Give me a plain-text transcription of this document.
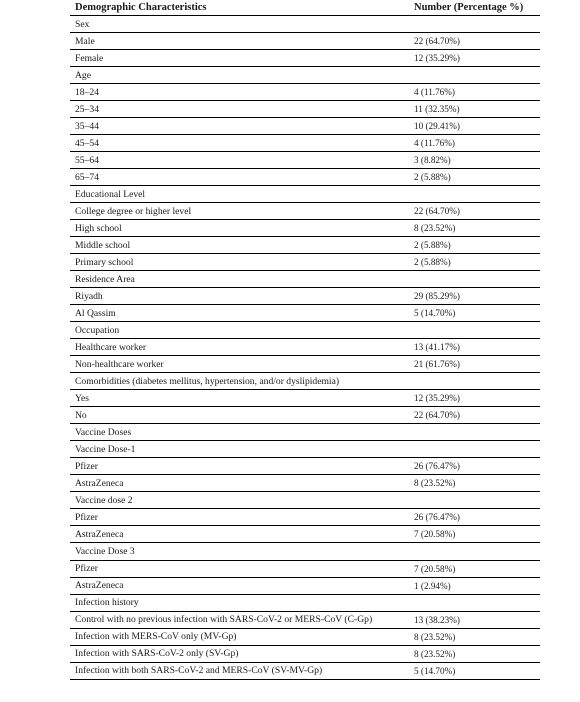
Demographic Characteristics	Number (Percentage %)
Sex
Male	22 (64.70%)
Female	12 (35.29%)
Age
18–24	4 (11.76%)
25–34	11 (32.35%)
35–44	10 (29.41%)
45–54	4 (11.76%)
55–64	3 (8.82%)
65–74	2 (5.88%)
Educational Level
College degree or higher level	22 (64.70%)
High school	8 (23.52%)
Middle school	2 (5.88%)
Primary school	2 (5.88%)
Residence Area
Riyadh	29 (85.29%)
Al Qassim	5 (14.70%)
Occupation
Healthcare worker	13 (41.17%)
Non-healthcare worker	21 (61.76%)
Comorbidities (diabetes mellitus, hypertension, and/or dyslipidemia)
Yes	12 (35.29%)
No	22 (64.70%)
Vaccine Doses
Vaccine Dose-1
Pfizer	26 (76.47%)
AstraZeneca	8 (23.52%)
Vaccine dose 2
Pfizer	26 (76.47%)
AstraZeneca	7 (20.58%)
Vaccine Dose 3
Pfizer	7 (20.58%)
AstraZeneca	1 (2.94%)
Infection history
Control with no previous infection with SARS-CoV-2 or MERS-CoV (C-Gp)	13 (38.23%)
Infection with MERS-CoV only (MV-Gp)	8 (23.52%)
Infection with SARS-CoV-2 only (SV-Gp)	8 (23.52%)
Infection with both SARS-CoV-2 and MERS-CoV (SV-MV-Gp)	5 (14.70%)
